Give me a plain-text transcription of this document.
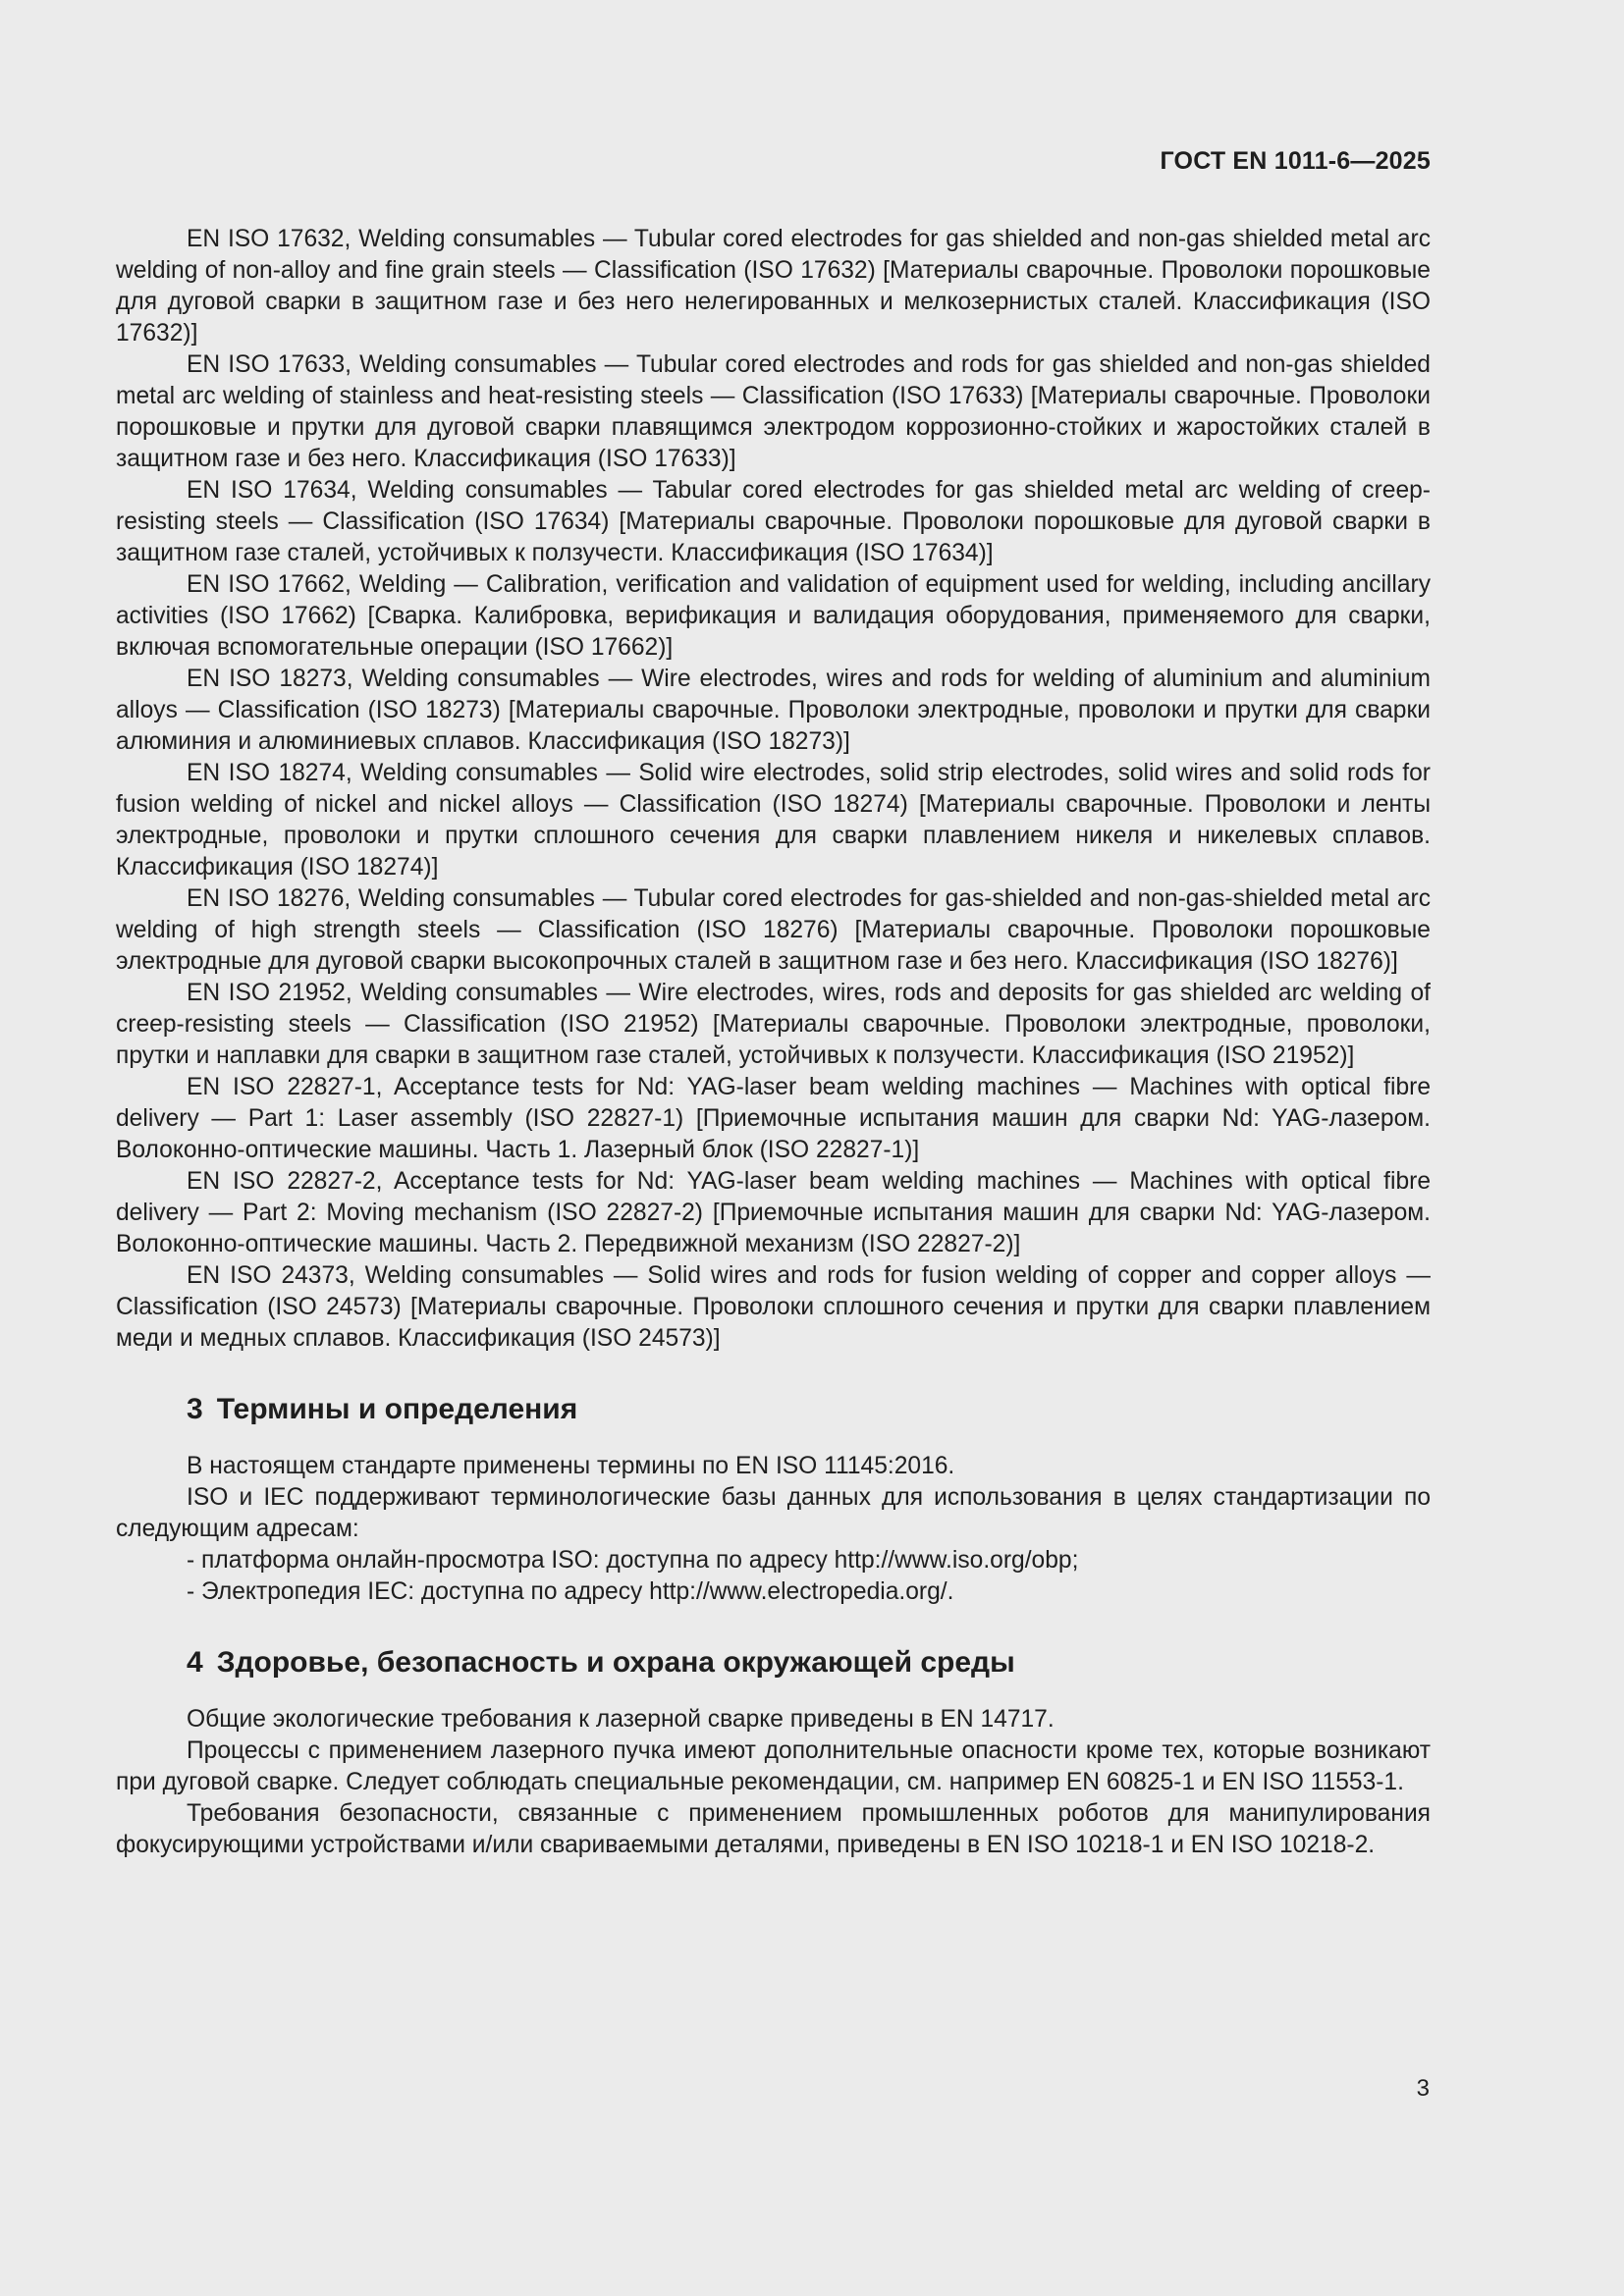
ГОСТ EN 1011-6—2025

EN ISO 17632, Welding consumables — Tubular cored electrodes for gas shielded and non-gas shielded metal arc welding of non-alloy and fine grain steels — Classification (ISO 17632) [Материалы сварочные. Проволоки порошковые для дуговой сварки в защитном газе и без него нелегированных и мелкозернистых сталей. Классификация (ISO 17632)]

EN ISO 17633, Welding consumables — Tubular cored electrodes and rods for gas shielded and non-gas shielded metal arc welding of stainless and heat-resisting steels — Classification (ISO 17633) [Материалы сварочные. Проволоки порошковые и прутки для дуговой сварки плавящимся электродом коррозионно-стойких и жаростойких сталей в защитном газе и без него. Классификация (ISO 17633)]

EN ISO 17634, Welding consumables — Tabular cored electrodes for gas shielded metal arc welding of creep-resisting steels — Classification (ISO 17634) [Материалы сварочные. Проволоки порошковые для дуговой сварки в защитном газе сталей, устойчивых к ползучести. Классификация (ISO 17634)]

EN ISO 17662, Welding — Calibration, verification and validation of equipment used for welding, including ancillary activities (ISO 17662) [Сварка. Калибровка, верификация и валидация оборудования, применяемого для сварки, включая вспомогательные операции (ISO 17662)]

EN ISO 18273, Welding consumables — Wire electrodes, wires and rods for welding of aluminium and aluminium alloys — Classification (ISO 18273) [Материалы сварочные. Проволоки электродные, проволоки и прутки для сварки алюминия и алюминиевых сплавов. Классификация (ISO 18273)]

EN ISO 18274, Welding consumables — Solid wire electrodes, solid strip electrodes, solid wires and solid rods for fusion welding of nickel and nickel alloys — Classification (ISO 18274) [Материалы сварочные. Проволоки и ленты электродные, проволоки и прутки сплошного сечения для сварки плавлением никеля и никелевых сплавов. Классификация (ISO 18274)]

EN ISO 18276, Welding consumables — Tubular cored electrodes for gas-shielded and non-gas-shielded metal arc welding of high strength steels — Classification (ISO 18276) [Материалы сварочные. Проволоки порошковые электродные для дуговой сварки высокопрочных сталей в защитном газе и без него. Классификация (ISO 18276)]

EN ISO 21952, Welding consumables — Wire electrodes, wires, rods and deposits for gas shielded arc welding of creep-resisting steels — Classification (ISO 21952) [Материалы сварочные. Проволоки электродные, проволоки, прутки и наплавки для сварки в защитном газе сталей, устойчивых к ползучести. Классификация (ISO 21952)]

EN ISO 22827-1, Acceptance tests for Nd: YAG-laser beam welding machines — Machines with optical fibre delivery — Part 1: Laser assembly (ISO 22827-1) [Приемочные испытания машин для сварки Nd: YAG-лазером. Волоконно-оптические машины. Часть 1. Лазерный блок (ISO 22827-1)]

EN ISO 22827-2, Acceptance tests for Nd: YAG-laser beam welding machines — Machines with optical fibre delivery — Part 2: Moving mechanism (ISO 22827-2) [Приемочные испытания машин для сварки Nd: YAG-лазером. Волоконно-оптические машины. Часть 2. Передвижной механизм (ISO 22827-2)]

EN ISO 24373, Welding consumables — Solid wires and rods for fusion welding of copper and copper alloys — Classification (ISO 24573) [Материалы сварочные. Проволоки сплошного сечения и прутки для сварки плавлением меди и медных сплавов. Классификация (ISO 24573)]

3 Термины и определения

В настоящем стандарте применены термины по EN ISO 11145:2016.

ISO и IEC поддерживают терминологические базы данных для использования в целях стандартизации по следующим адресам:

- платформа онлайн-просмотра ISO: доступна по адресу http://www.iso.org/obp;

- Электропедия IEC: доступна по адресу http://www.electropedia.org/.

4 Здоровье, безопасность и охрана окружающей среды

Общие экологические требования к лазерной сварке приведены в EN 14717.

Процессы с применением лазерного пучка имеют дополнительные опасности кроме тех, которые возникают при дуговой сварке. Следует соблюдать специальные рекомендации, см. например EN 60825-1 и EN ISO 11553-1.

Требования безопасности, связанные с применением промышленных роботов для манипулирования фокусирующими устройствами и/или свариваемыми деталями, приведены в EN ISO 10218-1 и EN ISO 10218-2.

3
